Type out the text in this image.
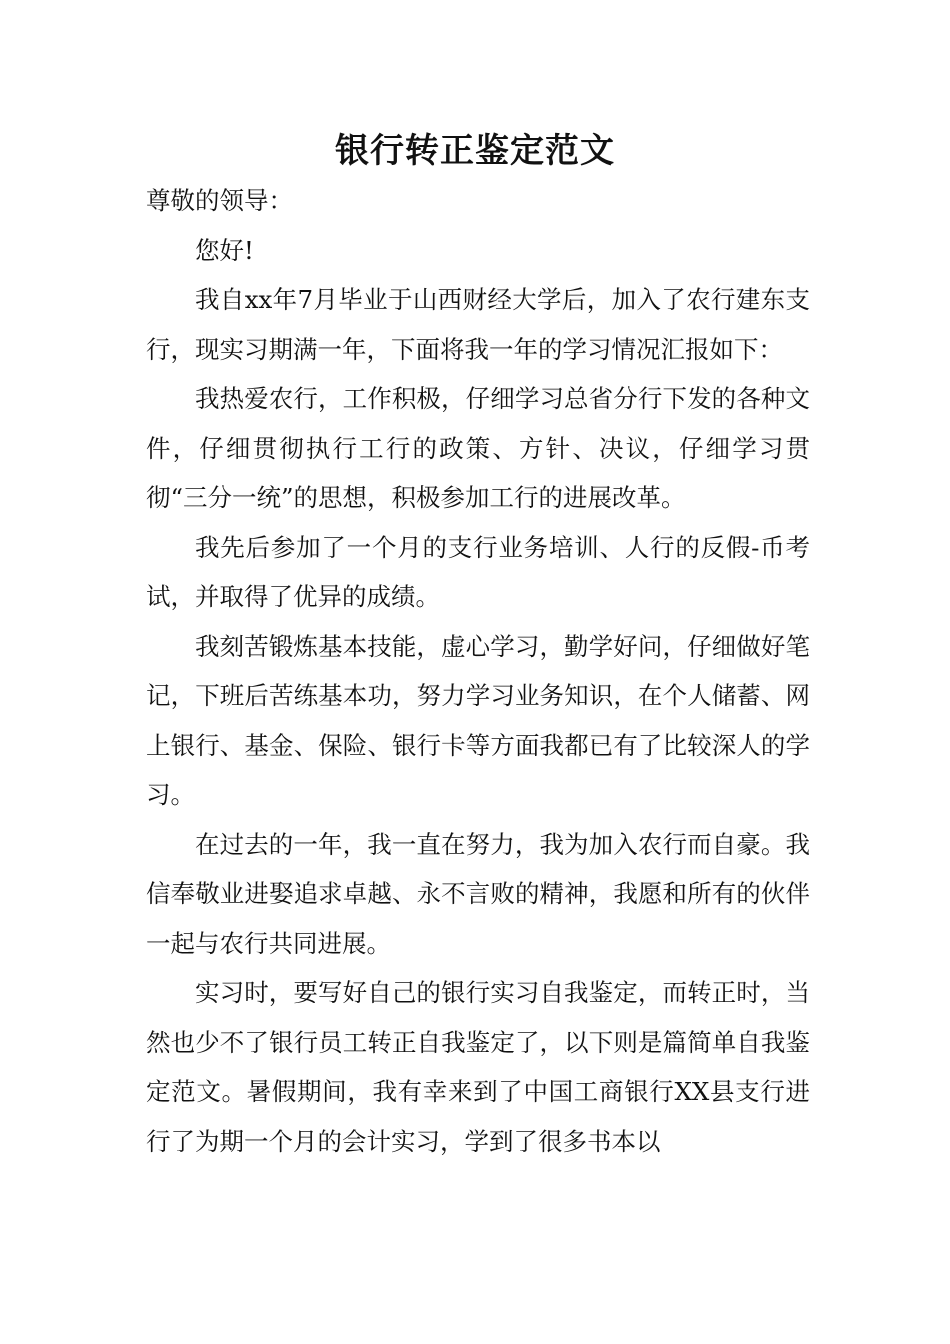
银行转正鉴定范文

尊敬的领导：

您好!

我自xx年7月毕业于山西财经大学后，加入了农行建东支行，现实习期满一年，下面将我一年的学习情况汇报如下：

我热爱农行，工作积极，仔细学习总省分行下发的各种文件，仔细贯彻执行工行的政策、方针、决议，仔细学习贯彻“三分一统”的思想，积极参加工行的进展改革。

我先后参加了一个月的支行业务培训、人行的反假-币考试，并取得了优异的成绩。

我刻苦锻炼基本技能，虚心学习，勤学好问，仔细做好笔记，下班后苦练基本功，努力学习业务知识，在个人储蓄、网上银行、基金、保险、银行卡等方面我都已有了比较深人的学习。

在过去的一年，我一直在努力，我为加入农行而自豪。我信奉敬业进娶追求卓越、永不言败的精神，我愿和所有的伙伴一起与农行共同进展。

实习时，要写好自己的银行实习自我鉴定，而转正时，当然也少不了银行员工转正自我鉴定了，以下则是篇简单自我鉴定范文。暑假期间，我有幸来到了中国工商银行XX县支行进行了为期一个月的会计实习，学到了很多书本以
